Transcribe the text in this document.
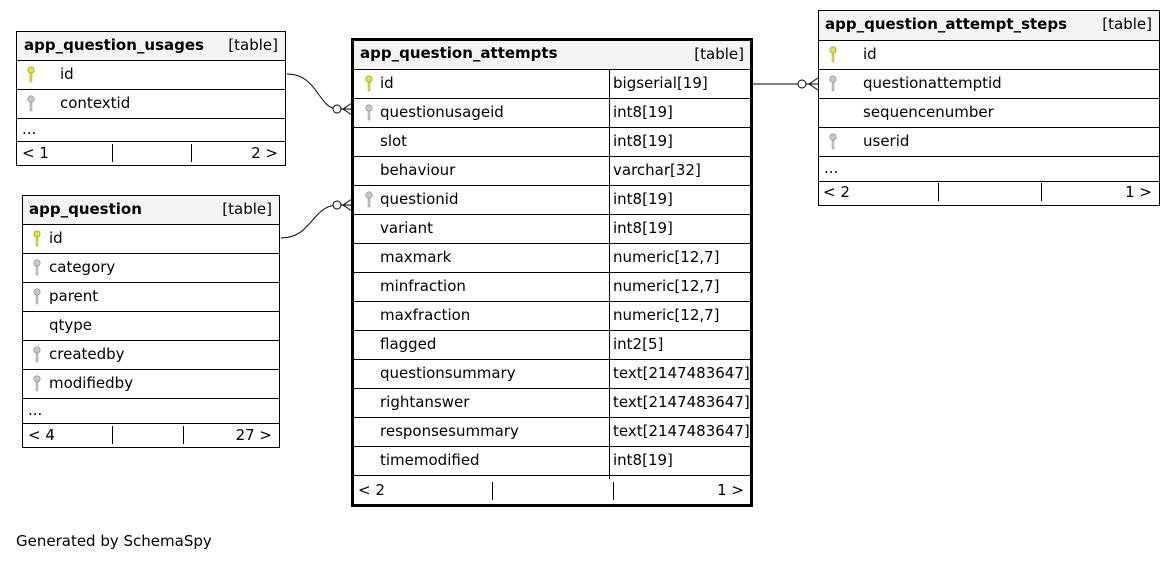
app_question_usages [table]
id
contextid
...
< 1	2 >
app_question	[table]
id
category
parent
qtype
createdby
modifiedby
...
< 4	27 >
app_question_attempts	[table]
id	bigserial[19]
questionusageid	int8[19]
slot	int8[19]
behaviour	varchar[32]
questionid	int8[19]
variant	int8[19]
maxmark	numeric[12,7]
minfraction	numeric[12,7]
maxfraction	numeric[12,7]
flagged	int2[5]
questionsummary	text[2147483647]
rightanswer	text[2147483647]
responsesummary	text[2147483647]
timemodified	int8[19]
< 2	1 >
app_question_attempt_steps [table]
id
questionattemptid
sequencenumber
userid
...
< 2	1 >
Generated by SchemaSpy
